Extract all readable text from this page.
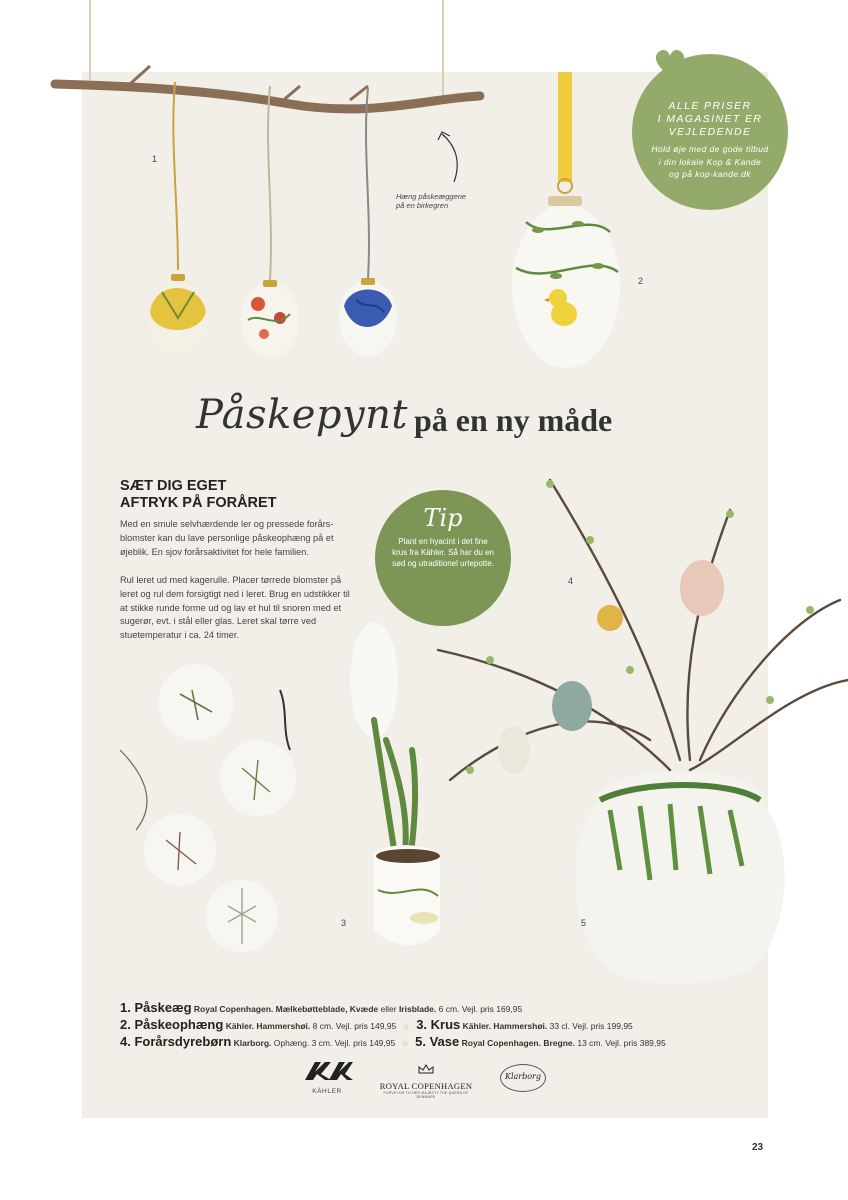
1
Hæng påskeæggene
på en birkegren
2
ALLE PRISER
I MAGASINET ER
VEJLEDENDE
Hold øje med de gode tilbud
i din lokale Kop & Kande
og på kop-kande.dk
Påskepynt på en ny måde
SÆT DIG EGET
AFTRYK PÅ FORÅRET

Med en smule selvhærdende ler og pressede forårs-blomster kan du lave personlige påskeophæng på et øjeblik. En sjov forårsaktivitet for hele familien.

Rul leret ud med kagerulle. Placer tørrede blomster på leret og rul dem forsigtigt ned i leret. Brug en udstikker til at stikke runde forme ud og lav et hul til snoren med et sugerør, evt. i stål eller glas. Leret skal tørre ved stuetemperatur i ca. 24 timer.

Tip
Plant en hyacint i det fine krus fra Kähler. Så har du en sød og utraditionel urtepotte.
3
4
5
1. Påskeæg Royal Copenhagen. Mælkebøtteblade, Kvæde eller Irisblade. 6 cm. Vejl. pris 169,95
2. Påskeophæng Kähler. Hammershøi. 8 cm. Vejl. pris 149,95 ☆ 3. Krus Kähler. Hammershøi. 33 cl. Vejl. pris 199,95
4. Forårsdyrebørn Klarborg. Ophæng. 3 cm. Vejl. pris 149,95 ☆ 5. Vase Royal Copenhagen. Bregne. 13 cm. Vejl. pris 389,95
KÄHLER
ROYAL COPENHAGEN
PURVEYOR TO HER MAJESTY THE QUEEN OF DENMARK
Klarborg
23
